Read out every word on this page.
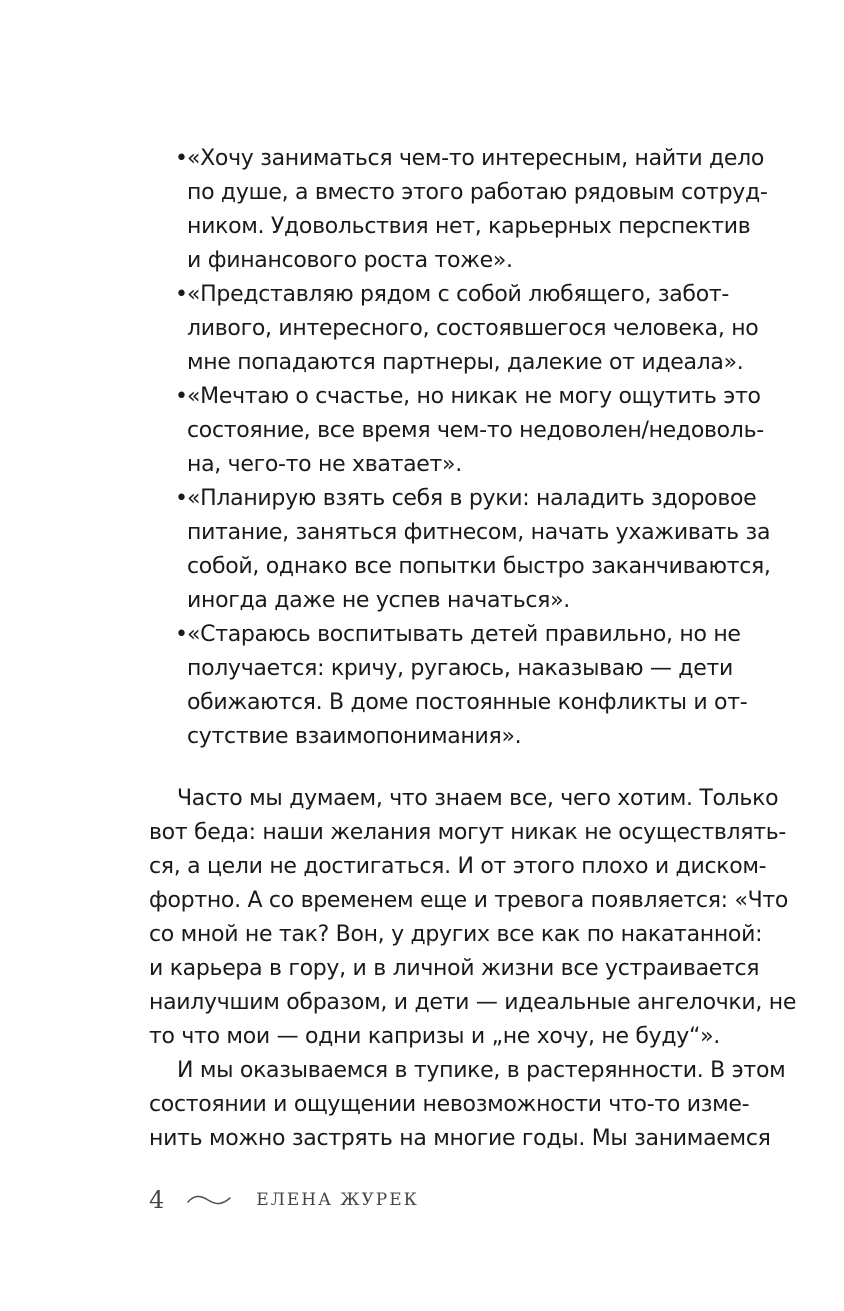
• «Хочу заниматься чем-то интересным, найти дело
по душе, а вместо этого работаю рядовым сотруд-
ником. Удовольствия нет, карьерных перспектив
и финансового роста тоже».
• «Представляю рядом с собой любящего, забот-
ливого, интересного, состоявшегося человека, но
мне попадаются партнеры, далекие от идеала».
• «Мечтаю о счастье, но никак не могу ощутить это
состояние, все время чем-то недоволен/недоволь-
на, чего-то не хватает».
• «Планирую взять себя в руки: наладить здоровое
питание, заняться фитнесом, начать ухаживать за
собой, однако все попытки быстро заканчиваются,
иногда даже не успев начаться».
• «Стараюсь воспитывать детей правильно, но не
получается: кричу, ругаюсь, наказываю — дети
обижаются. В доме постоянные конфликты и от-
сутствие взаимопонимания».
Часто мы думаем, что знаем все, чего хотим. Только
вот беда: наши желания могут никак не осуществлять-
ся, а цели не достигаться. И от этого плохо и диском-
фортно. А со временем еще и тревога появляется: «Что
со мной не так? Вон, у других все как по накатанной:
и карьера в гору, и в личной жизни все устраивается
наилучшим образом, и дети — идеальные ангелочки, не
то что мои — одни капризы и „не хочу, не буду“».
И мы оказываемся в тупике, в растерянности. В этом
состоянии и ощущении невозможности что-то изме-
нить можно застрять на многие годы. Мы занимаемся
4	ЕЛЕНА ЖУРЕК
